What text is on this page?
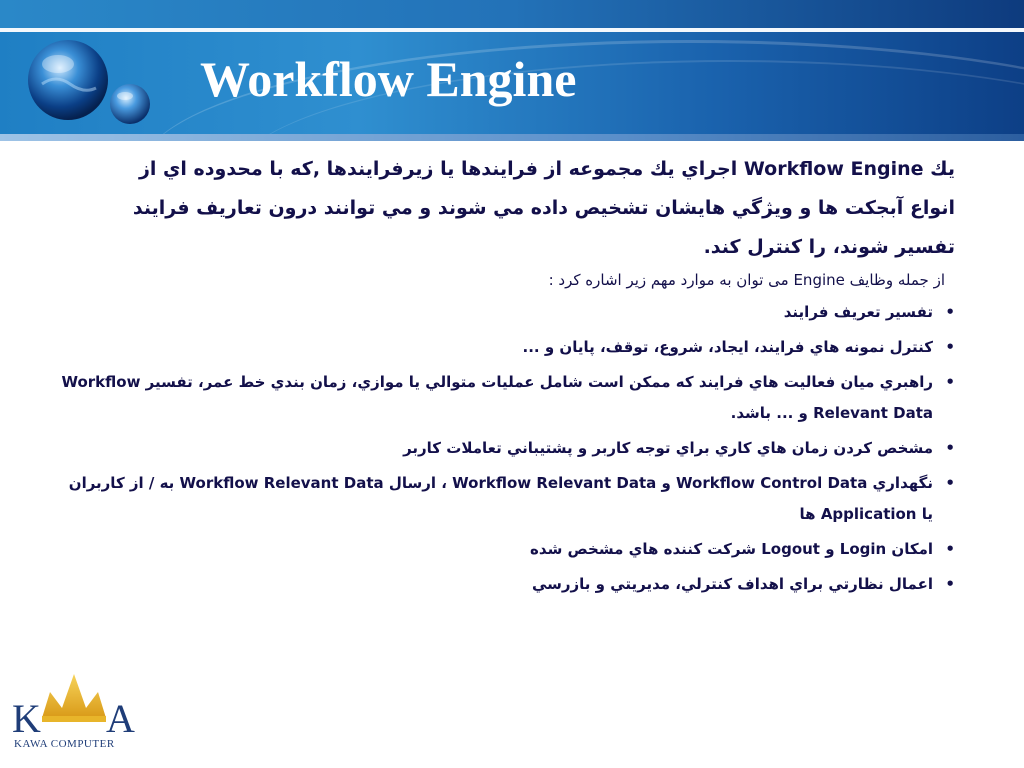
Workflow Engine

يك Workflow Engine اجراي يك مجموعه از فرايندها يا زيرفرايندها ,كه با محدوده اي از انواع آبجكت ها و ويژگي هايشان تشخيص داده مي شوند و مي توانند درون تعاريف فرايند تفسير شوند، را كنترل كند.

از جمله وظایف Engine می توان به موارد مهم زیر اشاره کرد :

•
تفسير تعريف فرايند
•
كنترل نمونه هاي فرايند، ايجاد، شروع، توقف، پايان و ...
•
راهبري ميان فعاليت هاي فرايند كه ممكن است شامل عمليات متوالي يا موازي، زمان بندي خط عمر، تفسير Workflow Relevant Data و ... باشد.
•
مشخص كردن زمان هاي كاري براي توجه كاربر و پشتيباني تعاملات كاربر
•
نگهداري Workflow Control Data و Workflow Relevant Data ، ارسال Workflow Relevant Data به / از كاربران يا Application ها
•
امكان Login و Logout شركت كننده هاي مشخص شده
•
اعمال نظارتي براي اهداف كنترلي، مديريتي و بازرسي
K A
KAWA COMPUTER
